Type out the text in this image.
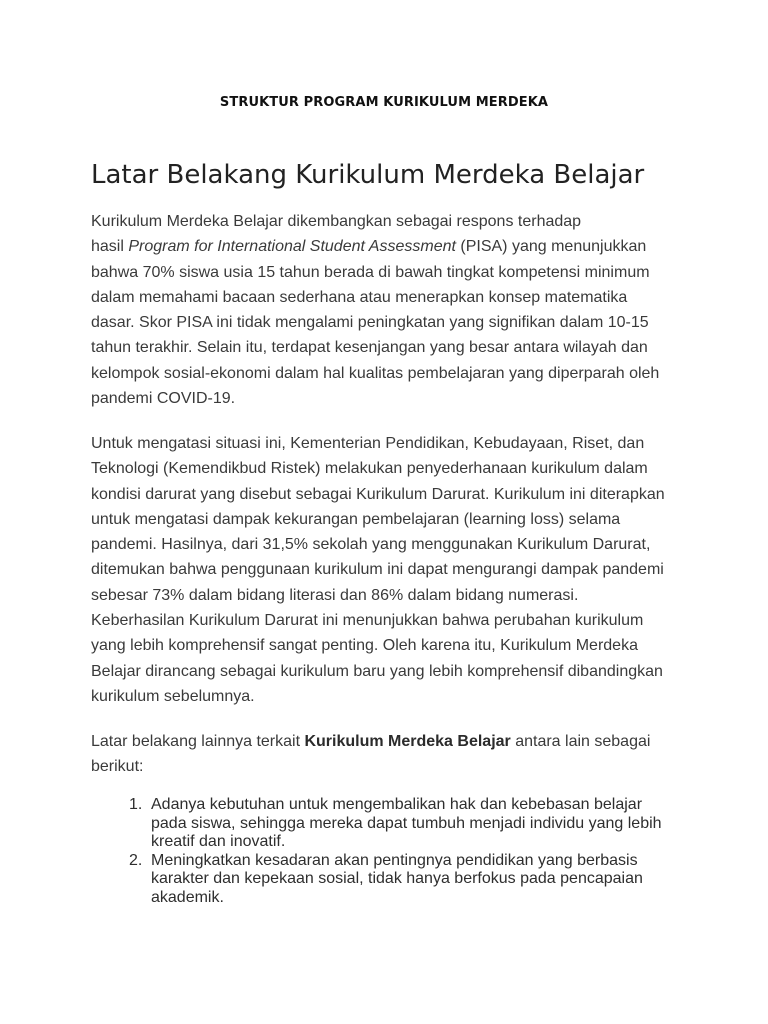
STRUKTUR PROGRAM KURIKULUM MERDEKA
Latar Belakang Kurikulum Merdeka Belajar

Kurikulum Merdeka Belajar dikembangkan sebagai respons terhadap
hasil Program for International Student Assessment (PISA) yang menunjukkan
bahwa 70% siswa usia 15 tahun berada di bawah tingkat kompetensi minimum
dalam memahami bacaan sederhana atau menerapkan konsep matematika
dasar. Skor PISA ini tidak mengalami peningkatan yang signifikan dalam 10-15
tahun terakhir. Selain itu, terdapat kesenjangan yang besar antara wilayah dan
kelompok sosial-ekonomi dalam hal kualitas pembelajaran yang diperparah oleh
pandemi COVID-19.

Untuk mengatasi situasi ini, Kementerian Pendidikan, Kebudayaan, Riset, dan
Teknologi (Kemendikbud Ristek) melakukan penyederhanaan kurikulum dalam
kondisi darurat yang disebut sebagai Kurikulum Darurat. Kurikulum ini diterapkan
untuk mengatasi dampak kekurangan pembelajaran (learning loss) selama
pandemi. Hasilnya, dari 31,5% sekolah yang menggunakan Kurikulum Darurat,
ditemukan bahwa penggunaan kurikulum ini dapat mengurangi dampak pandemi
sebesar 73% dalam bidang literasi dan 86% dalam bidang numerasi.
Keberhasilan Kurikulum Darurat ini menunjukkan bahwa perubahan kurikulum
yang lebih komprehensif sangat penting. Oleh karena itu, Kurikulum Merdeka
Belajar dirancang sebagai kurikulum baru yang lebih komprehensif dibandingkan
kurikulum sebelumnya.

Latar belakang lainnya terkait Kurikulum Merdeka Belajar antara lain sebagai
berikut:

1. Adanya kebutuhan untuk mengembalikan hak dan kebebasan belajar
pada siswa, sehingga mereka dapat tumbuh menjadi individu yang lebih
kreatif dan inovatif.
2. Meningkatkan kesadaran akan pentingnya pendidikan yang berbasis
karakter dan kepekaan sosial, tidak hanya berfokus pada pencapaian
akademik.
